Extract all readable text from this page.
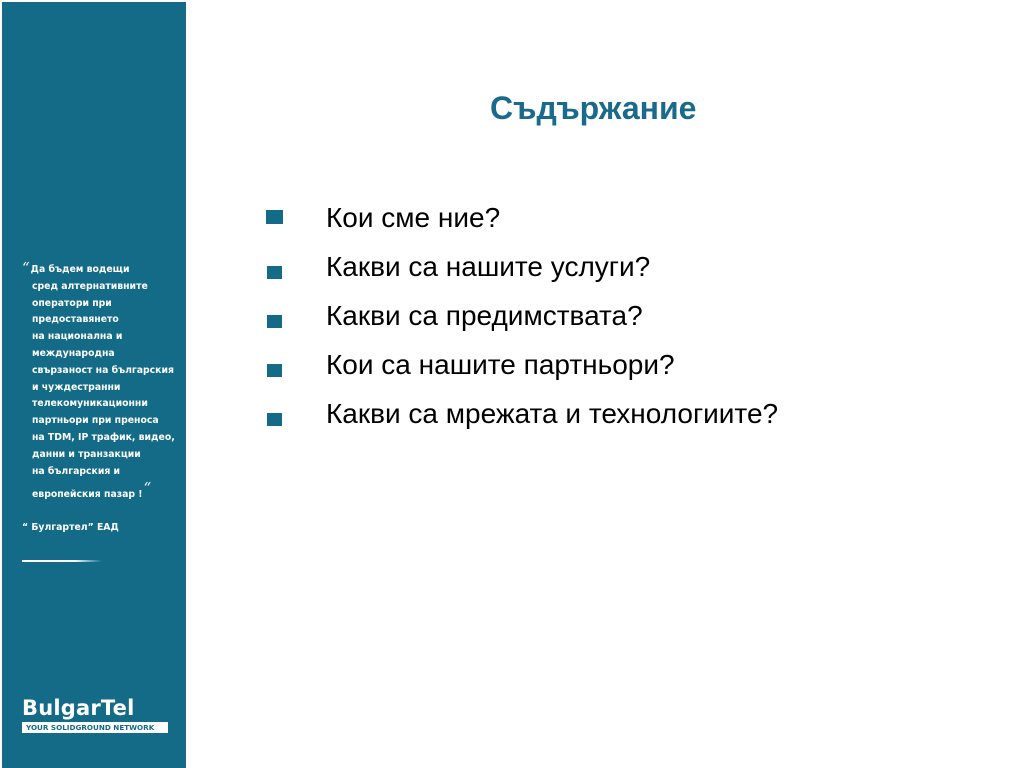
“Да бъдем водещи
сред алтернативните
оператори при
предоставянето
на национална и
международна
свързаност на българския
и чуждестранни
телекомуникационни
партньори при преноса
на TDM, IP трафик, видео,
данни и транзакции
на българския и
европейския пазар !“
“ Булгартел” ЕАД
BulgarTel
YOUR SOLIDGROUND NETWORK
Съдържание
Кои сме ние?
Какви са нашите услуги?
Какви са предимствата?
Кои са нашите партньори?
Какви са мрежата и технологиите?
